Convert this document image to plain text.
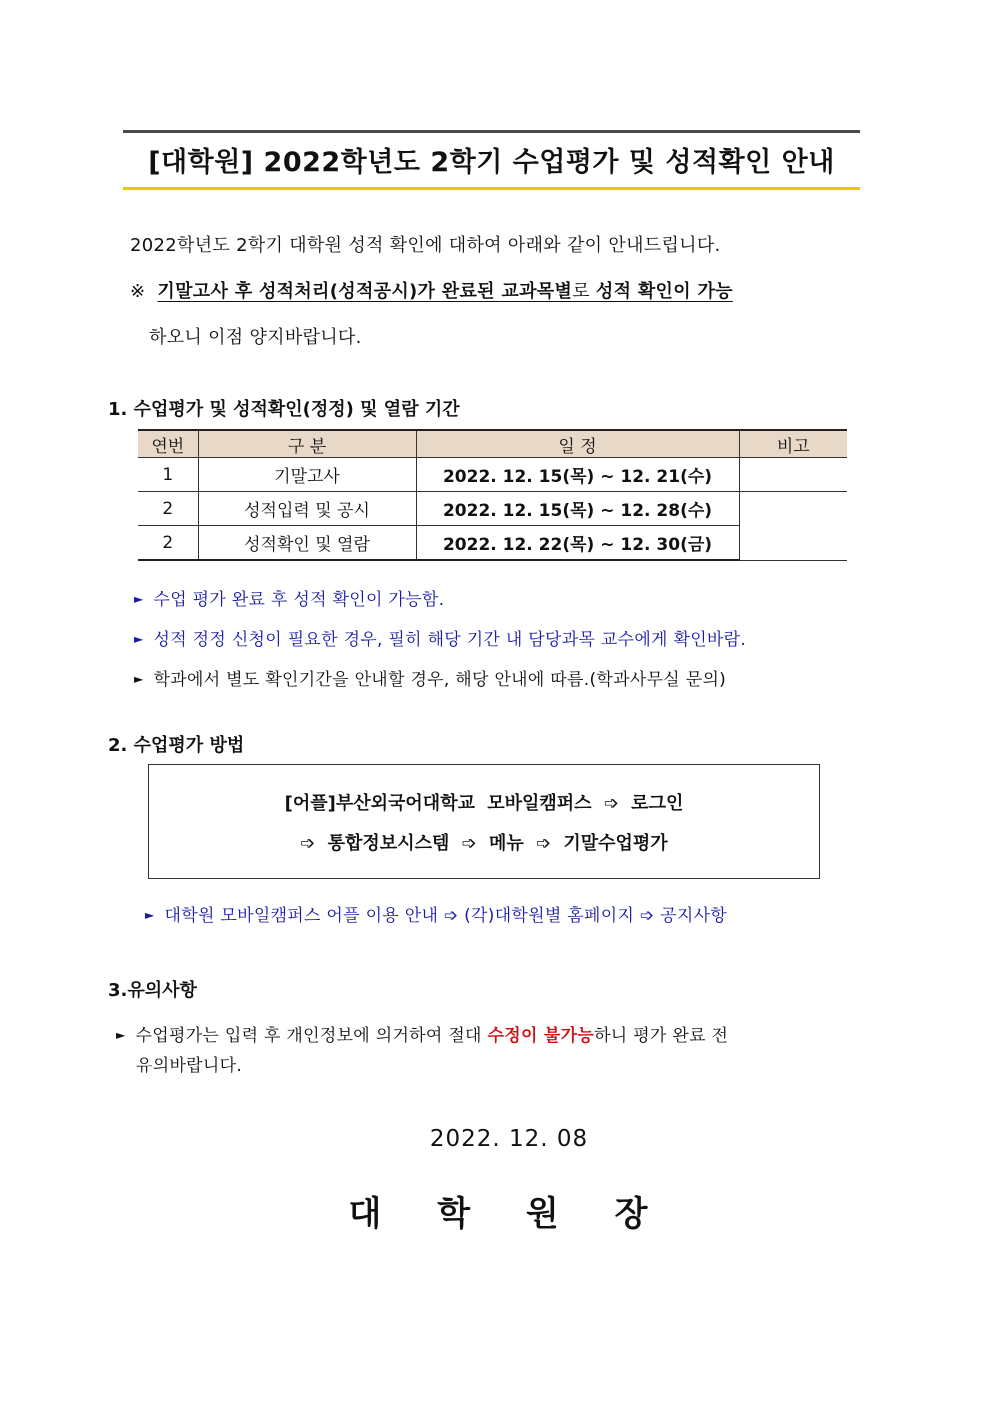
[대학원] 2022학년도 2학기 수업평가 및 성적확인 안내
2022학년도 2학기 대학원 성적 확인에 대하여 아래와 같이 안내드립니다.
※ 기말고사 후 성적처리(성적공시)가 완료된 교과목별로 성적 확인이 가능
하오니 이점 양지바랍니다.
1. 수업평가 및 성적확인(정정) 및 열람 기간
연번	구 분	일 정	비고
1	기말고사	2022. 12. 15(목) ~ 12. 21(수)	
2	성적입력 및 공시	2022. 12. 15(목) ~ 12. 28(수)	
2	성적확인 및 열람	2022. 12. 22(목) ~ 12. 30(금)	
► 수업 평가 완료 후 성적 확인이 가능함.
► 성적 정정 신청이 필요한 경우, 필히 해당 기간 내 담당과목 교수에게 확인바람.
► 학과에서 별도 확인기간을 안내할 경우, 해당 안내에 따름.(학과사무실 문의)
2. 수업평가 방법
[어플]부산외국어대학교 모바일캠퍼스 ➩ 로그인
➩ 통합정보시스템 ➩ 메뉴 ➩ 기말수업평가
► 대학원 모바일캠퍼스 어플 이용 안내 ➩ (각)대학원별 홈페이지 ➩ 공지사항
3.유의사항
► 수업평가는 입력 후 개인정보에 의거하여 절대 수정이 불가능하니 평가 완료 전
유의바랍니다.
2022. 12. 08
대 학 원 장
